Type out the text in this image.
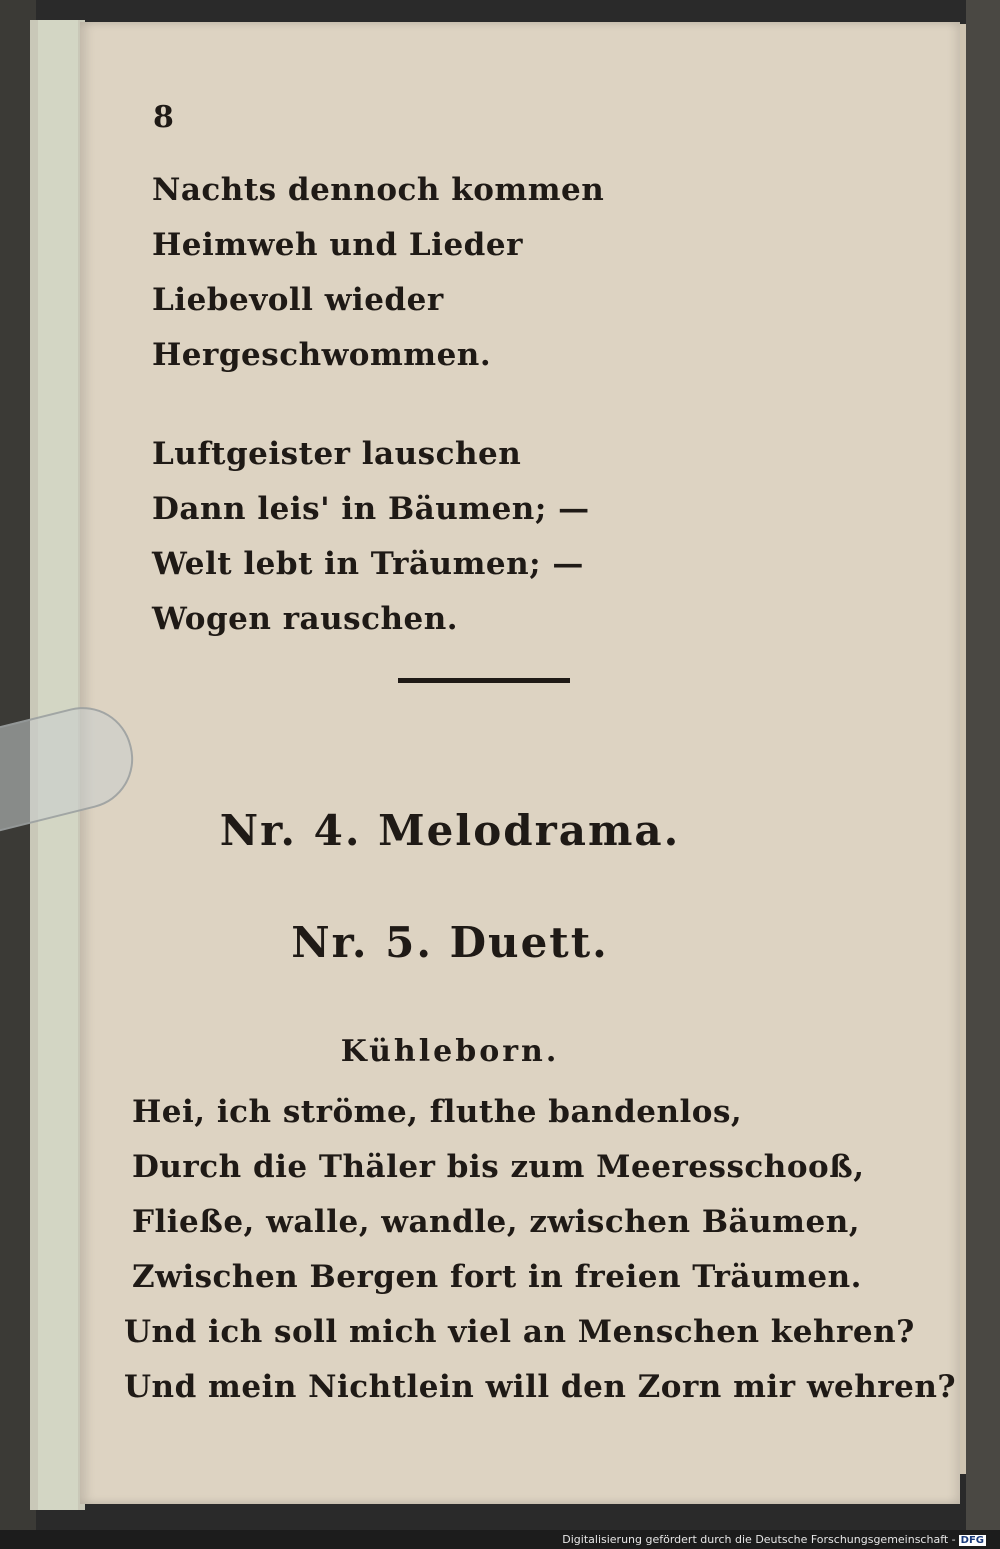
8
Nachts dennoch kommen
Heimweh und Lieder
Liebevoll wieder
Hergeschwommen.
Luftgeister lauschen
Dann leis' in Bäumen; —
Welt lebt in Träumen; —
Wogen rauschen.
Nr. 4. Melodrama.
Nr. 5. Duett.
Kühleborn.
Hei, ich ströme, fluthe bandenlos,
Durch die Thäler bis zum Meeresschooß,
Fließe, walle, wandle, zwischen Bäumen,
Zwischen Bergen fort in freien Träumen.
Und ich soll mich viel an Menschen kehren?
Und mein Nichtlein will den Zorn mir wehren?
Digitalisierung gefördert durch die Deutsche Forschungsgemeinschaft - DFG
